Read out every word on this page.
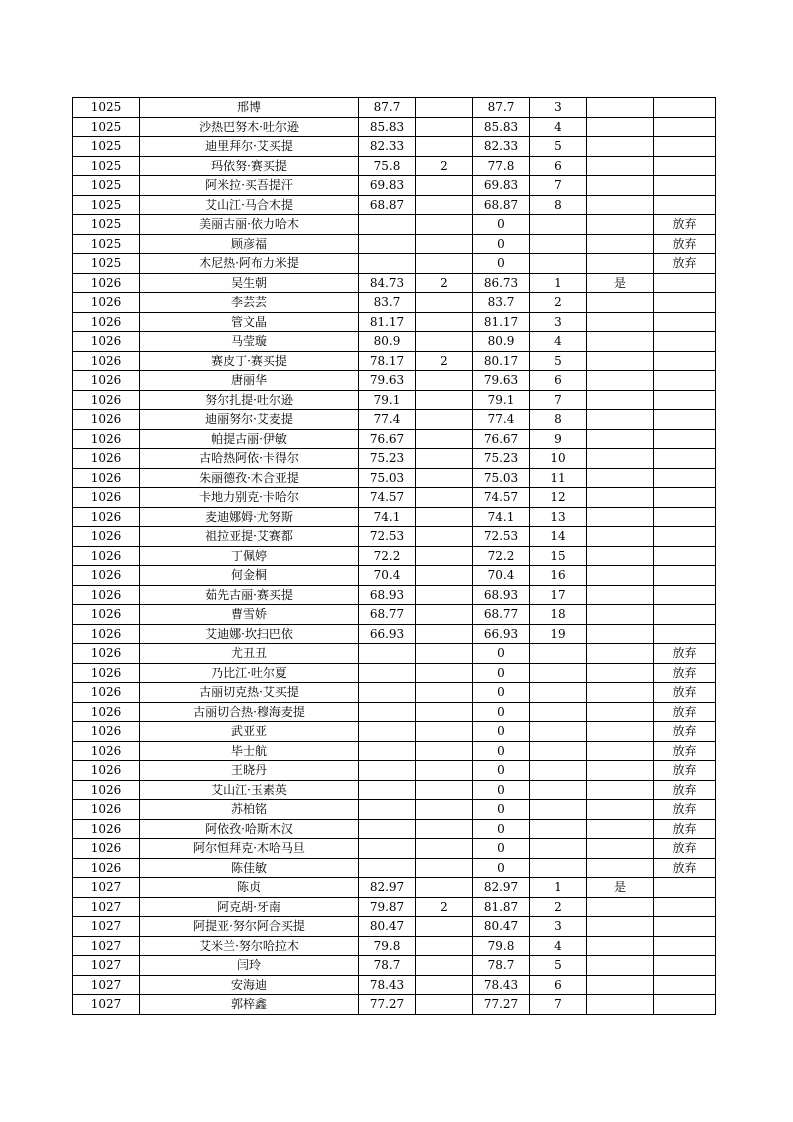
1025	邢博	87.7		87.7	3		
1025	沙热巴努木·吐尔逊	85.83		85.83	4		
1025	迪里拜尔·艾买提	82.33		82.33	5		
1025	玛依努·赛买提	75.8	2	77.8	6		
1025	阿米拉·买吾提汗	69.83		69.83	7		
1025	艾山江·马合木提	68.87		68.87	8		
1025	美丽古丽·依力哈木			0			放弃
1025	顾彦福			0			放弃
1025	木尼热·阿布力米提			0			放弃
1026	吴生朝	84.73	2	86.73	1	是	
1026	李芸芸	83.7		83.7	2		
1026	管文晶	81.17		81.17	3		
1026	马莹璇	80.9		80.9	4		
1026	赛皮丁·赛买提	78.17	2	80.17	5		
1026	唐丽华	79.63		79.63	6		
1026	努尔扎提·吐尔逊	79.1		79.1	7		
1026	迪丽努尔·艾麦提	77.4		77.4	8		
1026	帕提古丽·伊敏	76.67		76.67	9		
1026	古哈热阿依·卡得尔	75.23		75.23	10		
1026	朱丽德孜·木合亚提	75.03		75.03	11		
1026	卡地力别克·卡哈尔	74.57		74.57	12		
1026	麦迪娜姆·尤努斯	74.1		74.1	13		
1026	祖拉亚提·艾赛都	72.53		72.53	14		
1026	丁佩婷	72.2		72.2	15		
1026	何金桐	70.4		70.4	16		
1026	茹先古丽·赛买提	68.93		68.93	17		
1026	曹雪娇	68.77		68.77	18		
1026	艾迪娜·坎扫巴依	66.93		66.93	19		
1026	尤丑丑			0			放弃
1026	乃比江·吐尔夏			0			放弃
1026	古丽切克热·艾买提			0			放弃
1026	古丽切合热·穆海麦提			0			放弃
1026	武亚亚			0			放弃
1026	毕士航			0			放弃
1026	王晓丹			0			放弃
1026	艾山江·玉素英			0			放弃
1026	苏柏铭			0			放弃
1026	阿依孜·哈斯木汉			0			放弃
1026	阿尔恒拜克·木哈马旦			0			放弃
1026	陈佳敏			0			放弃
1027	陈贞	82.97		82.97	1	是	
1027	阿克胡·牙南	79.87	2	81.87	2		
1027	阿提亚·努尔阿合买提	80.47		80.47	3		
1027	艾米兰·努尔哈拉木	79.8		79.8	4		
1027	闫玲	78.7		78.7	5		
1027	安海迪	78.43		78.43	6		
1027	郭梓鑫	77.27		77.27	7		
